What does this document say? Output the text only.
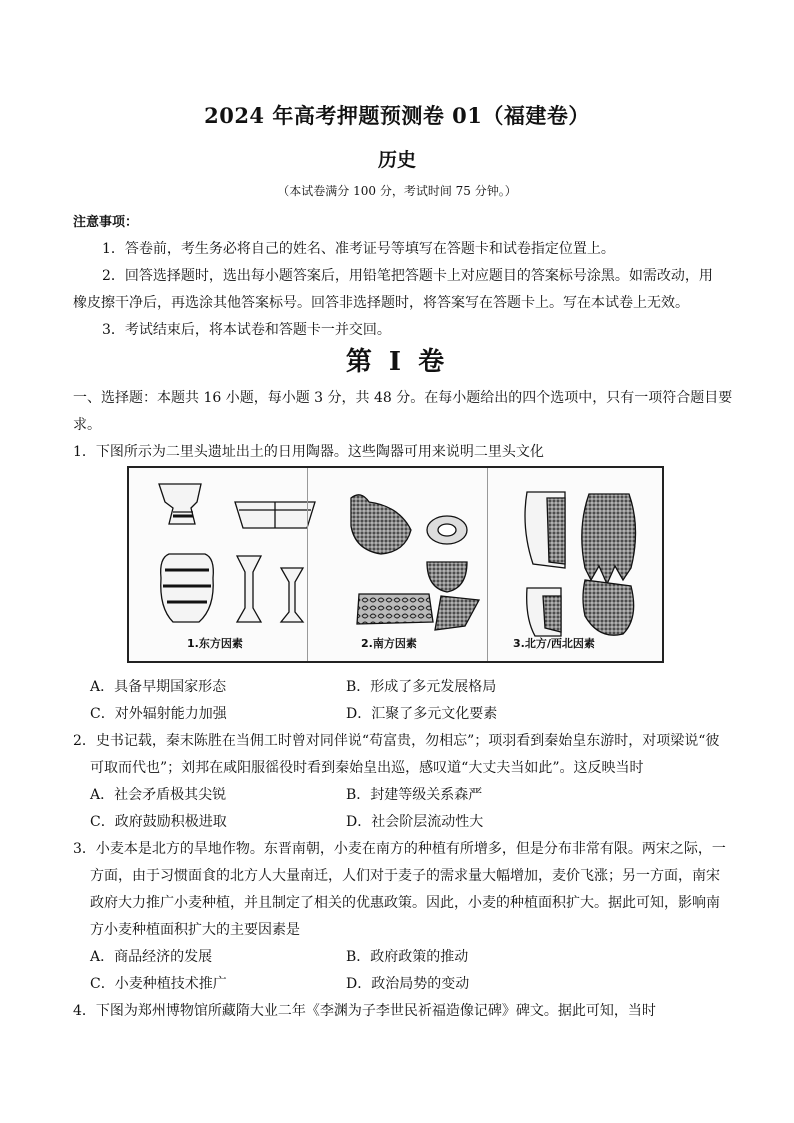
2024 年高考押题预测卷 01（福建卷）
历史
（本试卷满分 100 分，考试时间 75 分钟。）
注意事项：
1．答卷前，考生务必将自己的姓名、准考证号等填写在答题卡和试卷指定位置上。
2．回答选择题时，选出每小题答案后，用铅笔把答题卡上对应题目的答案标号涂黑。如需改动，用
橡皮擦干净后，再选涂其他答案标号。回答非选择题时，将答案写在答题卡上。写在本试卷上无效。
3．考试结束后，将本试卷和答题卡一并交回。
第 I 卷
一、选择题：本题共 16 小题，每小题 3 分，共 48 分。在每小题给出的四个选项中，只有一项符合题目要
求。
1．下图所示为二里头遗址出土的日用陶器。这些陶器可用来说明二里头文化
1.东方因素	2.南方因素	3.北方/西北因素
A．具备早期国家形态	B．形成了多元发展格局
C．对外辐射能力加强	D．汇聚了多元文化要素
2．史书记载，秦末陈胜在当佣工时曾对同伴说“苟富贵，勿相忘”；项羽看到秦始皇东游时，对项梁说“彼
可取而代也”；刘邦在咸阳服徭役时看到秦始皇出巡，感叹道“大丈夫当如此”。这反映当时
A．社会矛盾极其尖锐	B．封建等级关系森严
C．政府鼓励积极进取	D．社会阶层流动性大
3．小麦本是北方的旱地作物。东晋南朝，小麦在南方的种植有所增多，但是分布非常有限。两宋之际，一
方面，由于习惯面食的北方人大量南迁，人们对于麦子的需求量大幅增加，麦价飞涨；另一方面，南宋
政府大力推广小麦种植，并且制定了相关的优惠政策。因此，小麦的种植面积扩大。据此可知，影响南
方小麦种植面积扩大的主要因素是
A．商品经济的发展	B．政府政策的推动
C．小麦种植技术推广	D．政治局势的变动
4．下图为郑州博物馆所藏隋大业二年《李渊为子李世民祈福造像记碑》碑文。据此可知，当时
